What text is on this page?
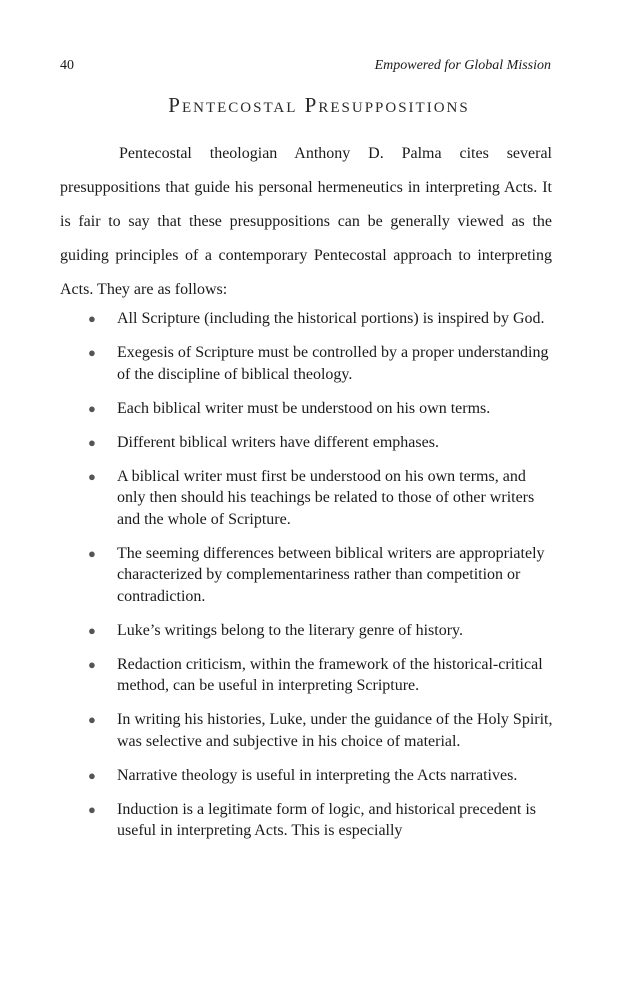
40	Empowered for Global Mission
Pentecostal Presuppositions

Pentecostal theologian Anthony D. Palma cites several presuppositions that guide his personal hermeneutics in interpreting Acts. It is fair to say that these presuppositions can be generally viewed as the guiding principles of a contemporary Pentecostal approach to interpreting Acts. They are as follows:

● All Scripture (including the historical portions) is inspired by God.
● Exegesis of Scripture must be controlled by a proper understanding of the discipline of biblical theology.
● Each biblical writer must be understood on his own terms.
● Different biblical writers have different emphases.
● A biblical writer must first be understood on his own terms, and only then should his teachings be related to those of other writers and the whole of Scripture.
● The seeming differences between biblical writers are appropriately characterized by complementariness rather than competition or contradiction.
● Luke’s writings belong to the literary genre of history.
● Redaction criticism, within the framework of the historical-critical method, can be useful in interpreting Scripture.
● In writing his histories, Luke, under the guidance of the Holy Spirit, was selective and subjective in his choice of material.
● Narrative theology is useful in interpreting the Acts narratives.
● Induction is a legitimate form of logic, and historical precedent is useful in interpreting Acts. This is especially
